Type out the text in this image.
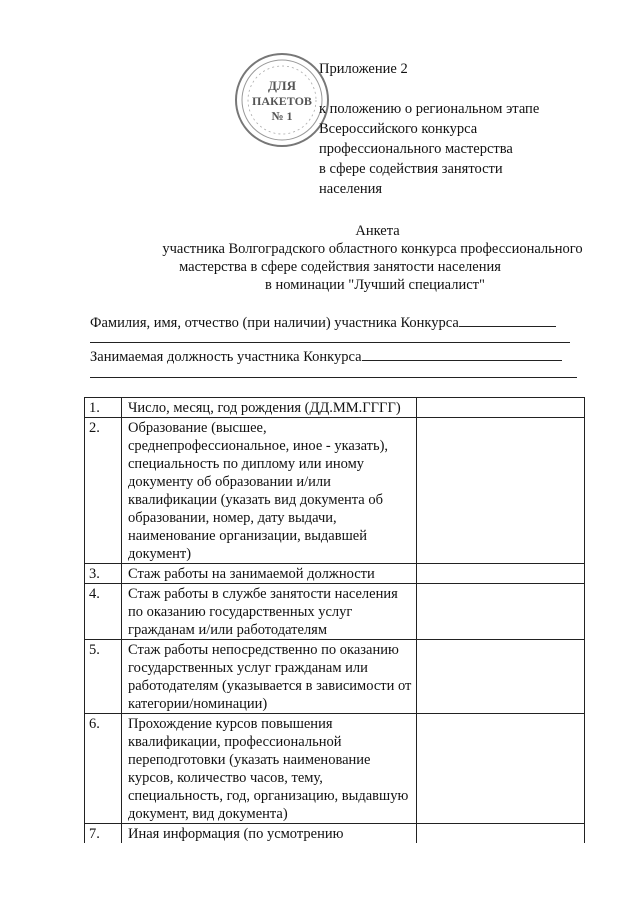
ДЛЯ
ПАКЕТОВ
№ 1
Приложение 2
к положению о региональном этапе
Всероссийского конкурса
профессионального мастерства
в сфере содействия занятости
населения
Анкета
участника Волгоградского областного конкурса профессионального
мастерства в сфере содействия занятости населения
в номинации "Лучший специалист"
Фамилия, имя, отчество (при наличии) участника Конкурса
Занимаемая должность участника Конкурса
1.	Число, месяц, год рождения (ДД.ММ.ГГГГ)	
2.	Образование (высшее, среднепрофессиональное, иное - указать), специальность по диплому или иному документу об образовании и/или квалификации (указать вид документа об образовании, номер, дату выдачи, наименование организации, выдавшей документ)	
3.	Стаж работы на занимаемой должности	
4.	Стаж работы в службе занятости населения по оказанию государственных услуг гражданам и/или работодателям	
5.	Стаж работы непосредственно по оказанию государственных услуг гражданам или работодателям (указывается в зависимости от категории/номинации)	
6.	Прохождение курсов повышения квалификации, профессиональной переподготовки (указать наименование курсов, количество часов, тему, специальность, год, организацию, выдавшую документ, вид документа)	
7.	Иная информация (по усмотрению	
